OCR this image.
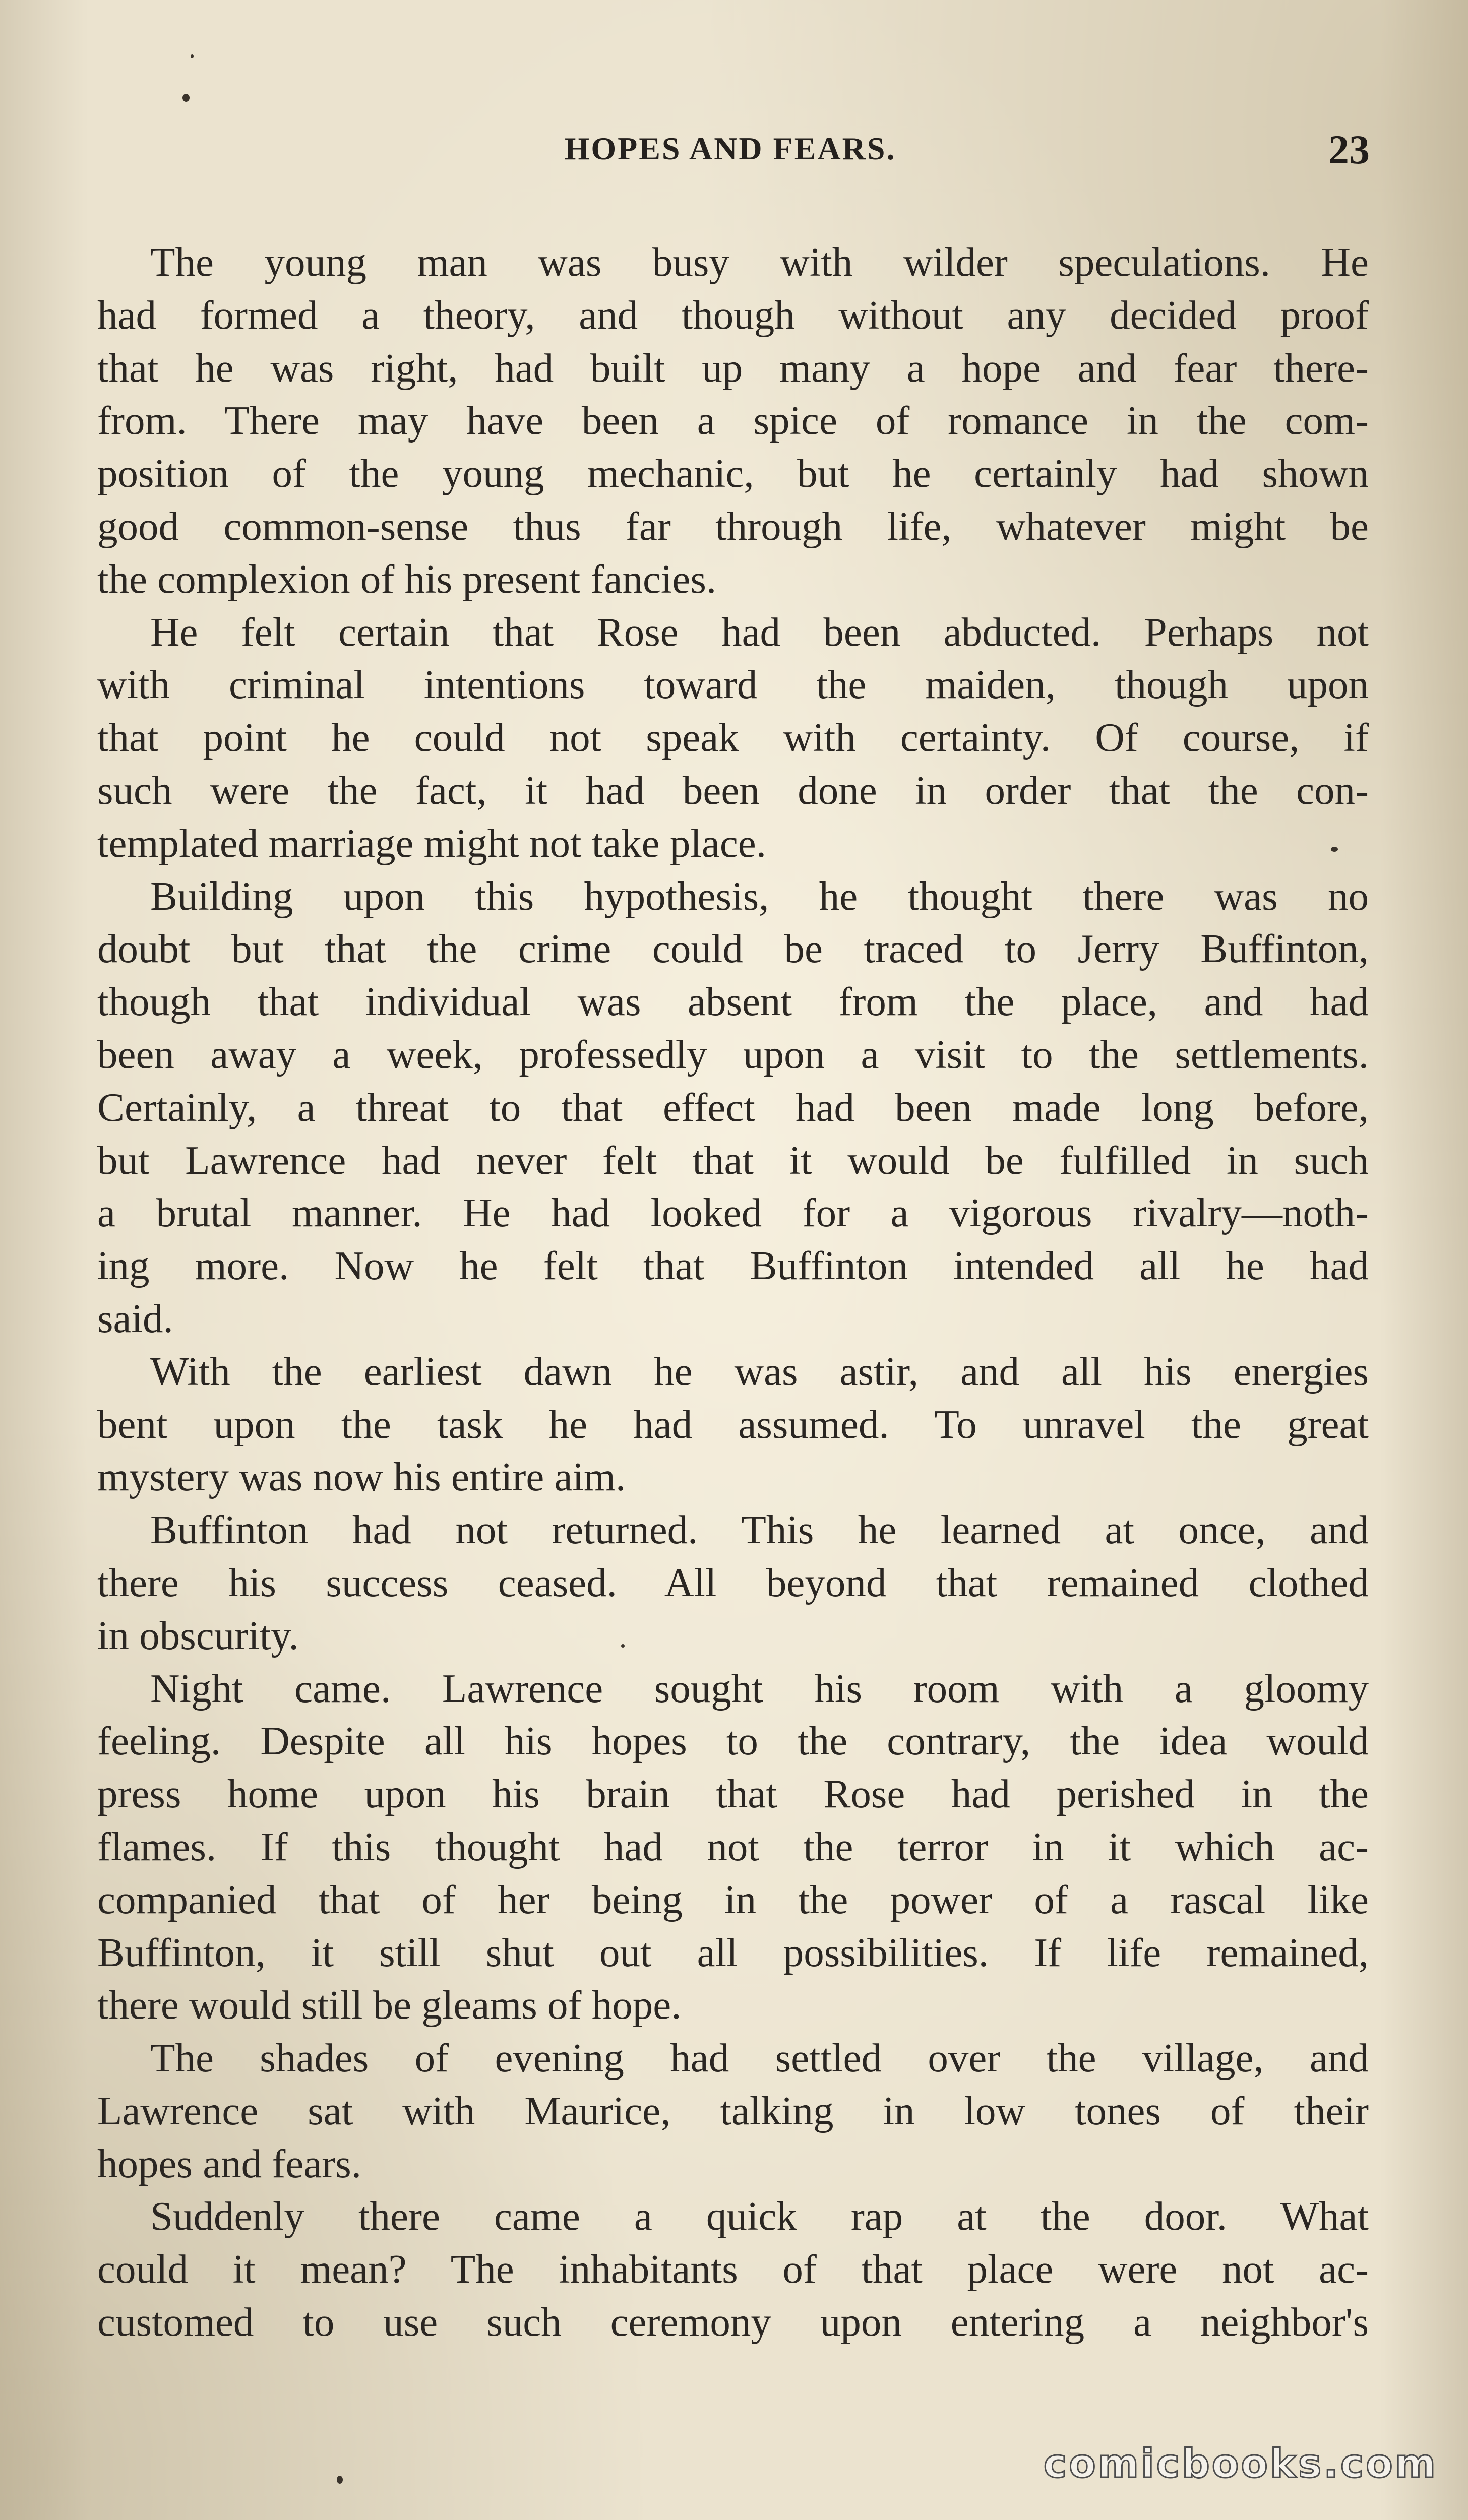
HOPES AND FEARS.	23
The young man was busy with wilder speculations. He
had formed a theory, and though without any decided proof
that he was right, had built up many a hope and fear there-
from. There may have been a spice of romance in the com-
position of the young mechanic, but he certainly had shown
good common-sense thus far through life, whatever might be
the complexion of his present fancies.
He felt certain that Rose had been abducted. Perhaps not
with criminal intentions toward the maiden, though upon
that point he could not speak with certainty. Of course, if
such were the fact, it had been done in order that the con-
templated marriage might not take place.
Building upon this hypothesis, he thought there was no
doubt but that the crime could be traced to Jerry Buffinton,
though that individual was absent from the place, and had
been away a week, professedly upon a visit to the settlements.
Certainly, a threat to that effect had been made long before,
but Lawrence had never felt that it would be fulfilled in such
a brutal manner. He had looked for a vigorous rivalry—noth-
ing more. Now he felt that Buffinton intended all he had
said.
With the earliest dawn he was astir, and all his energies
bent upon the task he had assumed. To unravel the great
mystery was now his entire aim.
Buffinton had not returned. This he learned at once, and
there his success ceased. All beyond that remained clothed
in obscurity.
Night came. Lawrence sought his room with a gloomy
feeling. Despite all his hopes to the contrary, the idea would
press home upon his brain that Rose had perished in the
flames. If this thought had not the terror in it which ac-
companied that of her being in the power of a rascal like
Buffinton, it still shut out all possibilities. If life remained,
there would still be gleams of hope.
The shades of evening had settled over the village, and
Lawrence sat with Maurice, talking in low tones of their
hopes and fears.
Suddenly there came a quick rap at the door. What
could it mean? The inhabitants of that place were not ac-
customed to use such ceremony upon entering a neighbor's
comicbooks.com
